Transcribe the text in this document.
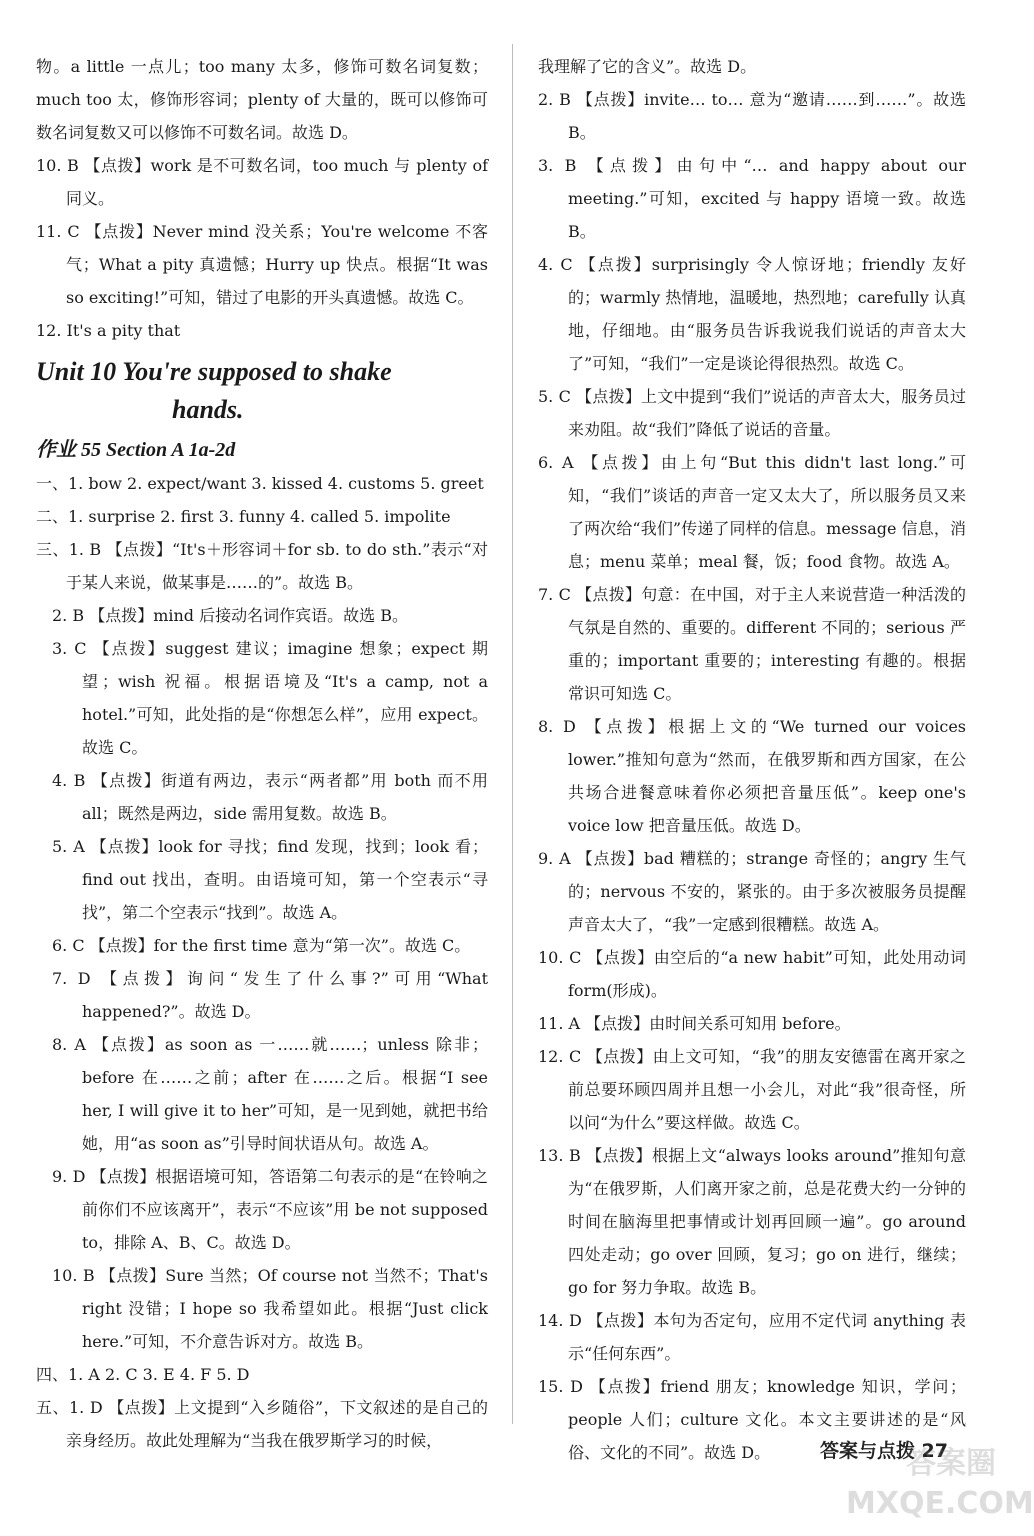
物。a little 一点儿；too many 太多，修饰可数名词复数；much too 太，修饰形容词；plenty of 大量的，既可以修饰可数名词复数又可以修饰不可数名词。故选 D。

10. B 【点拨】work 是不可数名词，too much 与 plenty of 同义。

11. C 【点拨】Never mind 没关系；You're welcome 不客气；What a pity 真遗憾；Hurry up 快点。根据“It was so exciting!”可知，错过了电影的开头真遗憾。故选 C。

12. It's a pity that

Unit 10 You're supposed to shake
hands.
作业 55 Section A 1a-2d

一、1. bow 2. expect/want 3. kissed 4. customs 5. greet

二、1. surprise 2. first 3. funny 4. called 5. impolite

三、1. B 【点拨】“It's＋形容词＋for sb. to do sth.”表示“对于某人来说，做某事是……的”。故选 B。

2. B 【点拨】mind 后接动名词作宾语。故选 B。

3. C 【点拨】suggest 建议；imagine 想象；expect 期望；wish 祝福。根据语境及“It's a camp, not a hotel.”可知，此处指的是“你想怎么样”，应用 expect。故选 C。

4. B 【点拨】街道有两边，表示“两者都”用 both 而不用 all；既然是两边，side 需用复数。故选 B。

5. A 【点拨】look for 寻找；find 发现，找到；look 看；find out 找出，查明。由语境可知，第一个空表示“寻找”，第二个空表示“找到”。故选 A。

6. C 【点拨】for the first time 意为“第一次”。故选 C。

7. D 【点拨】询问“发生了什么事?”可用“What happened?”。故选 D。

8. A 【点拨】as soon as 一……就……；unless 除非；before 在……之前；after 在……之后。根据“I see her, I will give it to her”可知，是一见到她，就把书给她，用“as soon as”引导时间状语从句。故选 A。

9. D 【点拨】根据语境可知，答语第二句表示的是“在铃响之前你们不应该离开”，表示“不应该”用 be not supposed to，排除 A、B、C。故选 D。

10. B 【点拨】Sure 当然；Of course not 当然不；That's right 没错；I hope so 我希望如此。根据“Just click here.”可知，不介意告诉对方。故选 B。

四、1. A 2. C 3. E 4. F 5. D

五、1. D 【点拨】上文提到“入乡随俗”，下文叙述的是自己的亲身经历。故此处理解为“当我在俄罗斯学习的时候，

我理解了它的含义”。故选 D。

2. B 【点拨】invite… to… 意为“邀请……到……”。故选 B。

3. B 【点拨】由句中“… and happy about our meeting.”可知，excited 与 happy 语境一致。故选 B。

4. C 【点拨】surprisingly 令人惊讶地；friendly 友好的；warmly 热情地，温暖地，热烈地；carefully 认真地，仔细地。由“服务员告诉我说我们说话的声音太大了”可知，“我们”一定是谈论得很热烈。故选 C。

5. C 【点拨】上文中提到“我们”说话的声音太大，服务员过来劝阻。故“我们”降低了说话的音量。

6. A 【点拨】由上句“But this didn't last long.”可知，“我们”谈话的声音一定又太大了，所以服务员又来了两次给“我们”传递了同样的信息。message 信息，消息；menu 菜单；meal 餐，饭；food 食物。故选 A。

7. C 【点拨】句意：在中国，对于主人来说营造一种活泼的气氛是自然的、重要的。different 不同的；serious 严重的；important 重要的；interesting 有趣的。根据常识可知选 C。

8. D 【点拨】根据上文的“We turned our voices lower.”推知句意为“然而，在俄罗斯和西方国家，在公共场合进餐意味着你必须把音量压低”。keep one's voice low 把音量压低。故选 D。

9. A 【点拨】bad 糟糕的；strange 奇怪的；angry 生气的；nervous 不安的，紧张的。由于多次被服务员提醒声音太大了，“我”一定感到很糟糕。故选 A。

10. C 【点拨】由空后的“a new habit”可知，此处用动词 form(形成)。

11. A 【点拨】由时间关系可知用 before。

12. C 【点拨】由上文可知，“我”的朋友安德雷在离开家之前总要环顾四周并且想一小会儿，对此“我”很奇怪，所以问“为什么”要这样做。故选 C。

13. B 【点拨】根据上文“always looks around”推知句意为“在俄罗斯，人们离开家之前，总是花费大约一分钟的时间在脑海里把事情或计划再回顾一遍”。go around 四处走动；go over 回顾，复习；go on 进行，继续；go for 努力争取。故选 B。

14. D 【点拨】本句为否定句，应用不定代词 anything 表示“任何东西”。

15. D 【点拨】friend 朋友；knowledge 知识，学问；people 人们；culture 文化。本文主要讲述的是“风俗、文化的不同”。故选 D。	答案与点拨 27
答案圈 MXQE.COM
